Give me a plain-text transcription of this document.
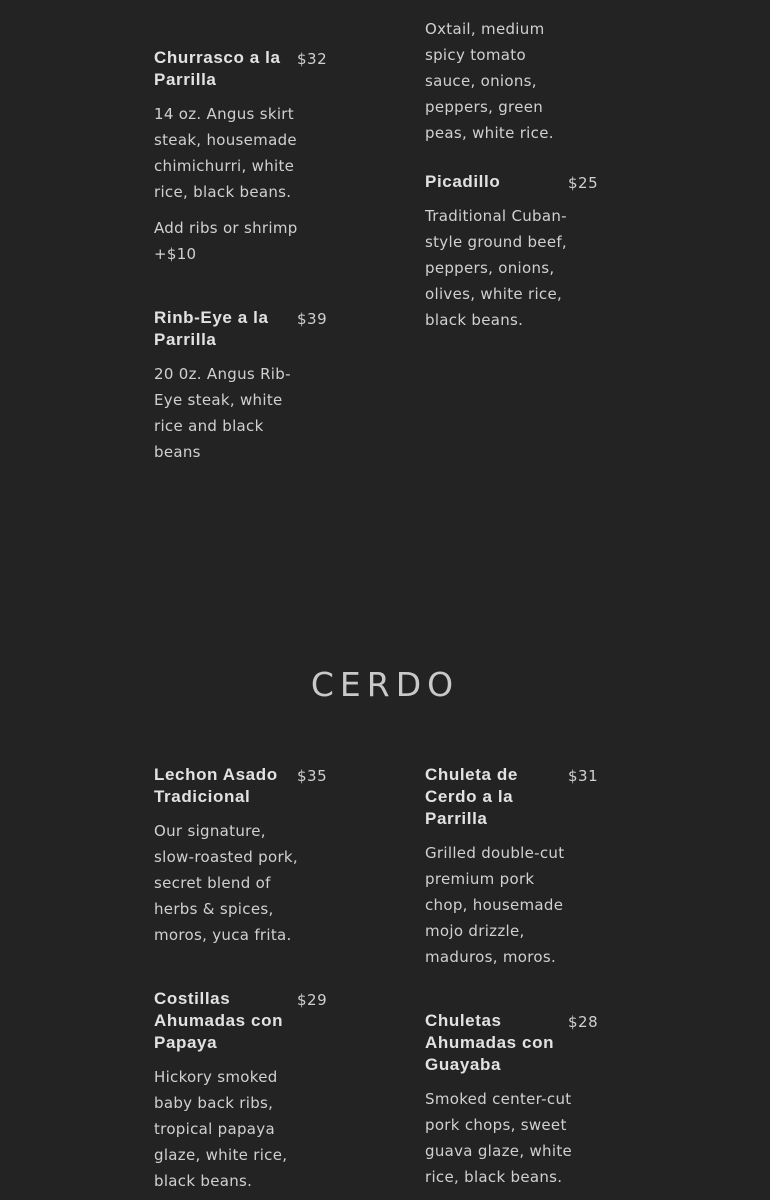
Oxtail, medium spicy tomato sauce, onions, peppers, green peas, white rice.

Churrasco a la Parrilla
$32

14 oz. Angus skirt steak, housemade chimichurri, white rice, black beans.

Add ribs or shrimp +$10
Picadillo	$25

Traditional Cuban-style ground beef, peppers, onions, olives, white rice, black beans.

Rinb-Eye a la Parrilla
$39

20 0z. Angus Rib-Eye steak, white rice and black beans

CERDO
Lechon Asado Tradicional
$35

Our signature, slow-roasted pork, secret blend of herbs & spices, moros, yuca frita.

Chuleta de Cerdo a la Parrilla
$31

Grilled double-cut premium pork chop, housemade mojo drizzle, maduros, moros.

Costillas Ahumadas con Papaya
$29

Hickory smoked baby back ribs, tropical papaya glaze, white rice, black beans.

Chuletas Ahumadas con Guayaba
$28

Smoked center-cut pork chops, sweet guava glaze, white rice, black beans.
